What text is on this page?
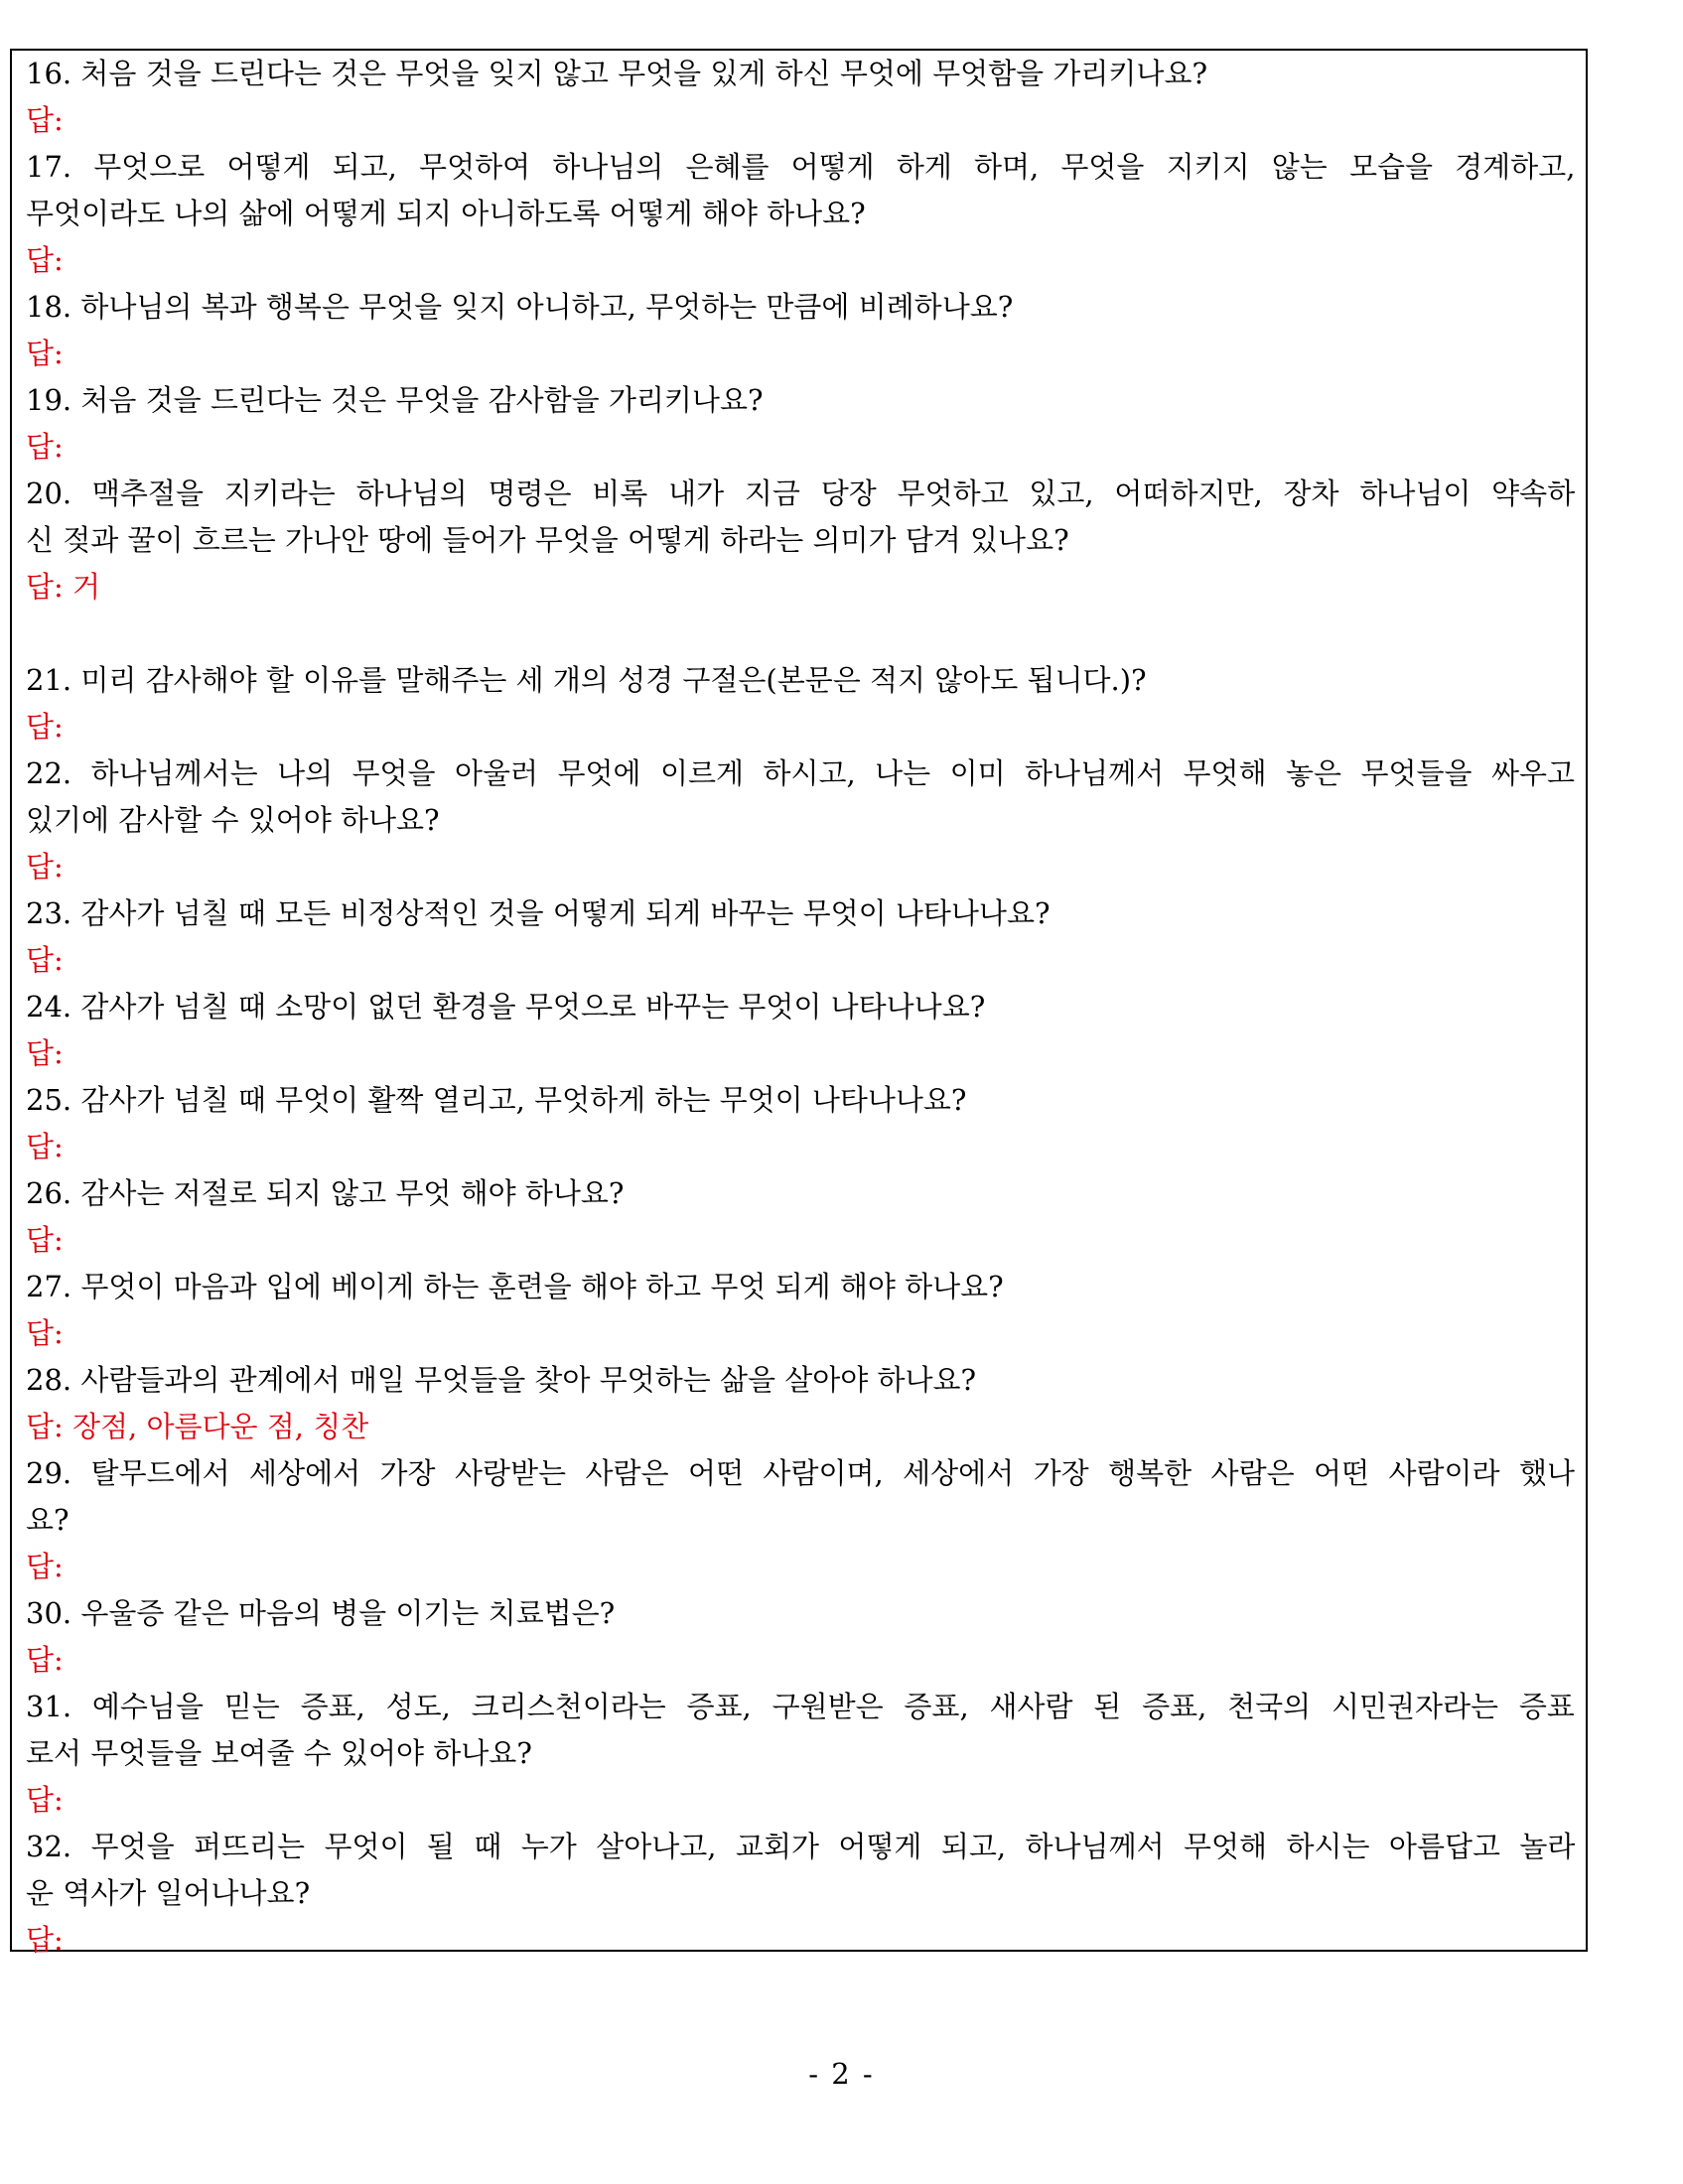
16. 처음 것을 드린다는 것은 무엇을 잊지 않고 무엇을 있게 하신 무엇에 무엇함을 가리키나요?
답:
17. 무엇으로 어떻게 되고, 무엇하여 하나님의 은혜를 어떻게 하게 하며, 무엇을 지키지 않는 모습을 경계하고,
무엇이라도 나의 삶에 어떻게 되지 아니하도록 어떻게 해야 하나요?
답:
18. 하나님의 복과 행복은 무엇을 잊지 아니하고, 무엇하는 만큼에 비례하나요?
답:
19. 처음 것을 드린다는 것은 무엇을 감사함을 가리키나요?
답:
20. 맥추절을 지키라는 하나님의 명령은 비록 내가 지금 당장 무엇하고 있고, 어떠하지만, 장차 하나님이 약속하
신 젖과 꿀이 흐르는 가나안 땅에 들어가 무엇을 어떻게 하라는 의미가 담겨 있나요?
답: 거
21. 미리 감사해야 할 이유를 말해주는 세 개의 성경 구절은(본문은 적지 않아도 됩니다.)?
답:
22. 하나님께서는 나의 무엇을 아울러 무엇에 이르게 하시고, 나는 이미 하나님께서 무엇해 놓은 무엇들을 싸우고
있기에 감사할 수 있어야 하나요?
답:
23. 감사가 넘칠 때 모든 비정상적인 것을 어떻게 되게 바꾸는 무엇이 나타나나요?
답:
24. 감사가 넘칠 때 소망이 없던 환경을 무엇으로 바꾸는 무엇이 나타나나요?
답:
25. 감사가 넘칠 때 무엇이 활짝 열리고, 무엇하게 하는 무엇이 나타나나요?
답:
26. 감사는 저절로 되지 않고 무엇 해야 하나요?
답:
27. 무엇이 마음과 입에 베이게 하는 훈련을 해야 하고 무엇 되게 해야 하나요?
답:
28. 사람들과의 관계에서 매일 무엇들을 찾아 무엇하는 삶을 살아야 하나요?
답: 장점, 아름다운 점, 칭찬
29. 탈무드에서 세상에서 가장 사랑받는 사람은 어떤 사람이며, 세상에서 가장 행복한 사람은 어떤 사람이라 했나
요?
답:
30. 우울증 같은 마음의 병을 이기는 치료법은?
답:
31. 예수님을 믿는 증표, 성도, 크리스천이라는 증표, 구원받은 증표, 새사람 된 증표, 천국의 시민권자라는 증표
로서 무엇들을 보여줄 수 있어야 하나요?
답:
32. 무엇을 퍼뜨리는 무엇이 될 때 누가 살아나고, 교회가 어떻게 되고, 하나님께서 무엇해 하시는 아름답고 놀라
운 역사가 일어나나요?
답:
- 2 -
